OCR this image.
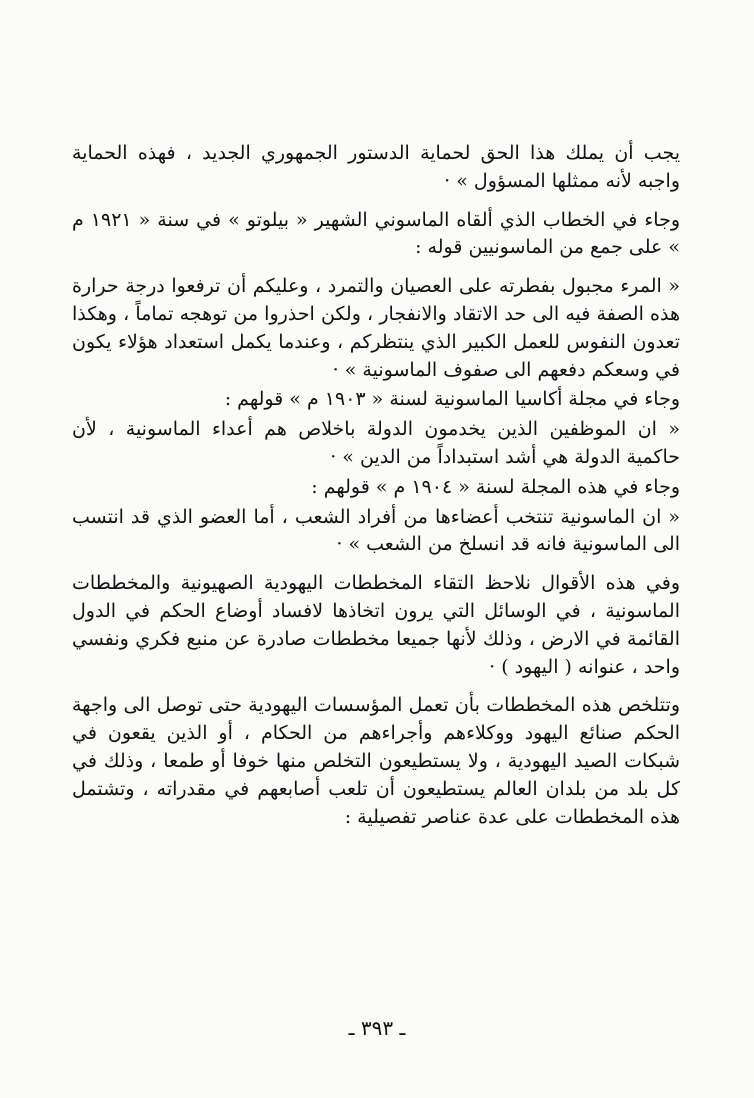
يجب أن يملك هذا الحق لحماية الدستور الجمهوري الجديد ، فهذه الحماية واجبه لأنه ممثلها المسؤول » ·

وجاء في الخطاب الذي ألقاه الماسوني الشهير « بيلوتو » في سنة « ١٩٢١ م » على جمع من الماسونيين قوله :

« المرء مجبول بفطرته على العصيان والتمرد ، وعليكم أن ترفعوا درجة حرارة هذه الصفة فيه الى حد الاتقاد والانفجار ، ولكن احذروا من توهجه تماماً ، وهكذا تعدون النفوس للعمل الكبير الذي ينتظركم ، وعندما يكمل استعداد هؤلاء يكون في وسعكم دفعهم الى صفوف الماسونية » ·

وجاء في مجلة أكاسيا الماسونية لسنة « ١٩٠٣ م » قولهم :

« ان الموظفين الذين يخدمون الدولة باخلاص هم أعداء الماسونية ، لأن حاكمية الدولة هي أشد استبداداً من الدين » ·

وجاء في هذه المجلة لسنة « ١٩٠٤ م » قولهم :

« ان الماسونية تنتخب أعضاءها من أفراد الشعب ، أما العضو الذي قد انتسب الى الماسونية فانه قد انسلخ من الشعب » ·

وفي هذه الأقوال نلاحظ التقاء المخططات اليهودية الصهيونية والمخططات الماسونية ، في الوسائل التي يرون اتخاذها لافساد أوضاع الحكم في الدول القائمة في الارض ، وذلك لأنها جميعا مخططات صادرة عن منبع فكري ونفسي واحد ، عنوانه ( اليهود ) ·

وتتلخص هذه المخططات بأن تعمل المؤسسات اليهودية حتى توصل الى واجهة الحكم صنائع اليهود ووكلاءهم وأجراءهم من الحكام ، أو الذين يقعون في شبكات الصيد اليهودية ، ولا يستطيعون التخلص منها خوفا أو طمعا ، وذلك في كل بلد من بلدان العالم يستطيعون أن تلعب أصابعهم في مقدراته ، وتشتمل هذه المخططات على عدة عناصر تفصيلية :

ـ ٣٩٣ ـ
